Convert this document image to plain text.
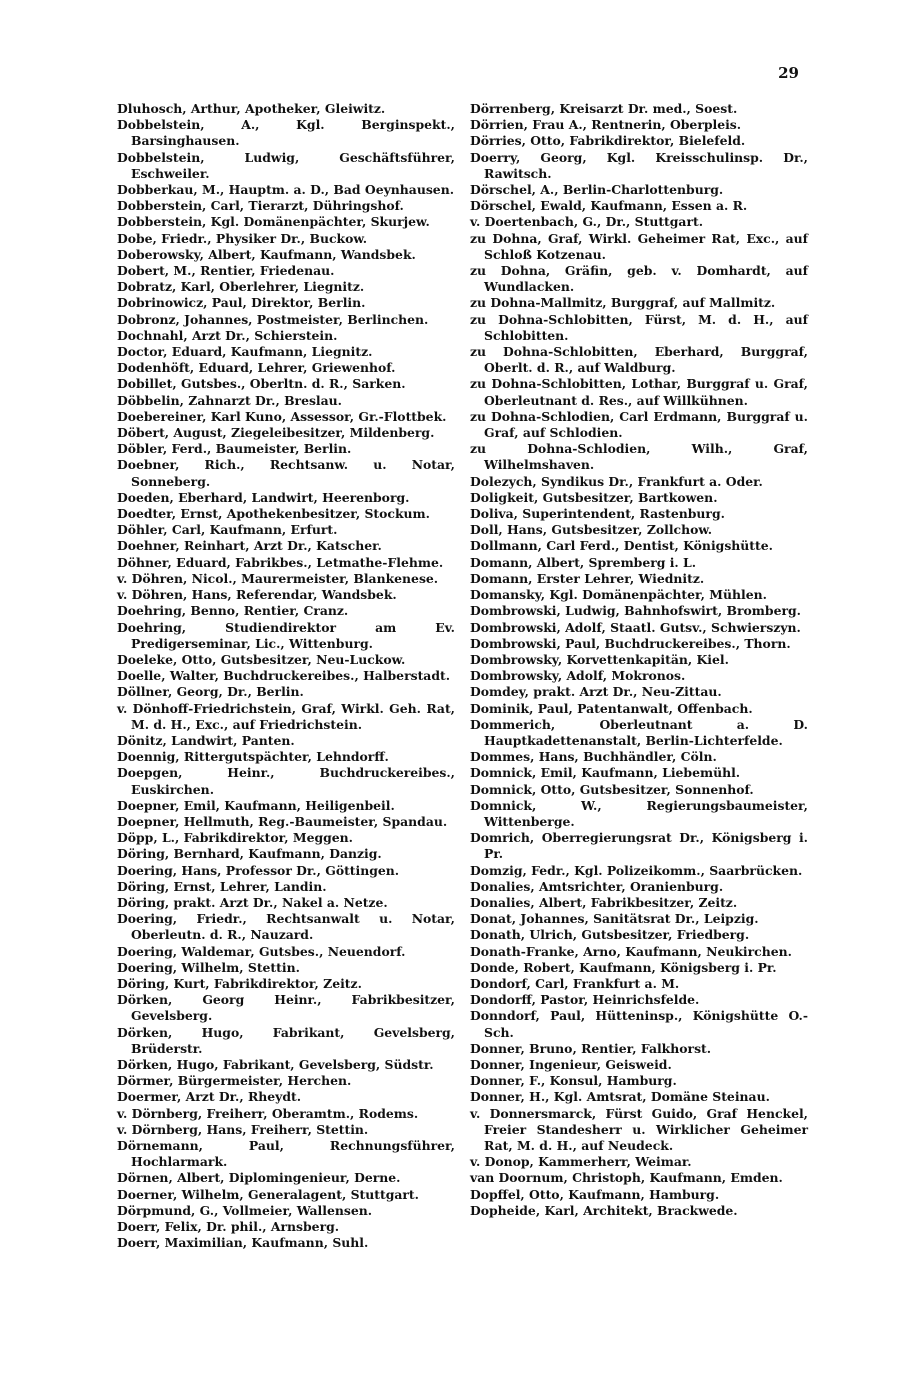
29
Dluhosch, Arthur, Apotheker, Gleiwitz.
Dobbelstein, A., Kgl. Berginspekt., Barsinghausen.
Dobbelstein, Ludwig, Geschäftsführer, Eschweiler.
Dobberkau, M., Hauptm. a. D., Bad Oeynhausen.
Dobberstein, Carl, Tierarzt, Dühringshof.
Dobberstein, Kgl. Domänenpächter, Skurjew.
Dobe, Friedr., Physiker Dr., Buckow.
Doberowsky, Albert, Kaufmann, Wandsbek.
Dobert, M., Rentier, Friedenau.
Dobratz, Karl, Oberlehrer, Liegnitz.
Dobrinowicz, Paul, Direktor, Berlin.
Dobronz, Johannes, Postmeister, Berlinchen.
Dochnahl, Arzt Dr., Schierstein.
Doctor, Eduard, Kaufmann, Liegnitz.
Dodenhöft, Eduard, Lehrer, Griewenhof.
Dobillet, Gutsbes., Oberltn. d. R., Sarken.
Döbbelin, Zahnarzt Dr., Breslau.
Doebereiner, Karl Kuno, Assessor, Gr.-Flottbek.
Döbert, August, Ziegeleibesitzer, Mildenberg.
Döbler, Ferd., Baumeister, Berlin.
Doebner, Rich., Rechtsanw. u. Notar, Sonneberg.
Doeden, Eberhard, Landwirt, Heerenborg.
Doedter, Ernst, Apothekenbesitzer, Stockum.
Döhler, Carl, Kaufmann, Erfurt.
Doehner, Reinhart, Arzt Dr., Katscher.
Döhner, Eduard, Fabrikbes., Letmathe-Flehme.
v. Döhren, Nicol., Maurermeister, Blankenese.
v. Döhren, Hans, Referendar, Wandsbek.
Doehring, Benno, Rentier, Cranz.
Doehring, Studiendirektor am Ev. Predigerseminar, Lic., Wittenburg.
Doeleke, Otto, Gutsbesitzer, Neu-Luckow.
Doelle, Walter, Buchdruckereibes., Halberstadt.
Döllner, Georg, Dr., Berlin.
v. Dönhoff-Friedrichstein, Graf, Wirkl. Geh. Rat, M. d. H., Exc., auf Friedrichstein.
Dönitz, Landwirt, Panten.
Doennig, Rittergutspächter, Lehndorff.
Doepgen, Heinr., Buchdruckereibes., Euskirchen.
Doepner, Emil, Kaufmann, Heiligenbeil.
Doepner, Hellmuth, Reg.-Baumeister, Spandau.
Döpp, L., Fabrikdirektor, Meggen.
Döring, Bernhard, Kaufmann, Danzig.
Doering, Hans, Professor Dr., Göttingen.
Döring, Ernst, Lehrer, Landin.
Döring, prakt. Arzt Dr., Nakel a. Netze.
Doering, Friedr., Rechtsanwalt u. Notar, Oberleutn. d. R., Nauzard.
Doering, Waldemar, Gutsbes., Neuendorf.
Doering, Wilhelm, Stettin.
Döring, Kurt, Fabrikdirektor, Zeitz.
Dörken, Georg Heinr., Fabrikbesitzer, Gevelsberg.
Dörken, Hugo, Fabrikant, Gevelsberg, Brüderstr.
Dörken, Hugo, Fabrikant, Gevelsberg, Südstr.
Dörmer, Bürgermeister, Herchen.
Doermer, Arzt Dr., Rheydt.
v. Dörnberg, Freiherr, Oberamtm., Rodems.
v. Dörnberg, Hans, Freiherr, Stettin.
Dörnemann, Paul, Rechnungsführer, Hochlarmark.
Dörnen, Albert, Diplomingenieur, Derne.
Doerner, Wilhelm, Generalagent, Stuttgart.
Dörpmund, G., Vollmeier, Wallensen.
Doerr, Felix, Dr. phil., Arnsberg.
Doerr, Maximilian, Kaufmann, Suhl.
Dörrenberg, Kreisarzt Dr. med., Soest.
Dörrien, Frau A., Rentnerin, Oberpleis.
Dörries, Otto, Fabrikdirektor, Bielefeld.
Doerry, Georg, Kgl. Kreisschulinsp. Dr., Rawitsch.
Dörschel, A., Berlin-Charlottenburg.
Dörschel, Ewald, Kaufmann, Essen a. R.
v. Doertenbach, G., Dr., Stuttgart.
zu Dohna, Graf, Wirkl. Geheimer Rat, Exc., auf Schloß Kotzenau.
zu Dohna, Gräfin, geb. v. Domhardt, auf Wundlacken.
zu Dohna-Mallmitz, Burggraf, auf Mallmitz.
zu Dohna-Schlobitten, Fürst, M. d. H., auf Schlobitten.
zu Dohna-Schlobitten, Eberhard, Burggraf, Oberlt. d. R., auf Waldburg.
zu Dohna-Schlobitten, Lothar, Burggraf u. Graf, Oberleutnant d. Res., auf Willkühnen.
zu Dohna-Schlodien, Carl Erdmann, Burggraf u. Graf, auf Schlodien.
zu Dohna-Schlodien, Wilh., Graf, Wilhelmshaven.
Dolezych, Syndikus Dr., Frankfurt a. Oder.
Doligkeit, Gutsbesitzer, Bartkowen.
Doliva, Superintendent, Rastenburg.
Doll, Hans, Gutsbesitzer, Zollchow.
Dollmann, Carl Ferd., Dentist, Königshütte.
Domann, Albert, Spremberg i. L.
Domann, Erster Lehrer, Wiednitz.
Domansky, Kgl. Domänenpächter, Mühlen.
Dombrowski, Ludwig, Bahnhofswirt, Bromberg.
Dombrowski, Adolf, Staatl. Gutsv., Schwierszyn.
Dombrowski, Paul, Buchdruckereibes., Thorn.
Dombrowsky, Korvettenkapitän, Kiel.
Dombrowsky, Adolf, Mokronos.
Domdey, prakt. Arzt Dr., Neu-Zittau.
Dominik, Paul, Patentanwalt, Offenbach.
Dommerich, Oberleutnant a. D. Hauptkadettenanstalt, Berlin-Lichterfelde.
Dommes, Hans, Buchhändler, Cöln.
Domnick, Emil, Kaufmann, Liebemühl.
Domnick, Otto, Gutsbesitzer, Sonnenhof.
Domnick, W., Regierungsbaumeister, Wittenberge.
Domrich, Oberregierungsrat Dr., Königsberg i. Pr.
Domzig, Fedr., Kgl. Polizeikomm., Saarbrücken.
Donalies, Amtsrichter, Oranienburg.
Donalies, Albert, Fabrikbesitzer, Zeitz.
Donat, Johannes, Sanitätsrat Dr., Leipzig.
Donath, Ulrich, Gutsbesitzer, Friedberg.
Donath-Franke, Arno, Kaufmann, Neukirchen.
Donde, Robert, Kaufmann, Königsberg i. Pr.
Dondorf, Carl, Frankfurt a. M.
Dondorff, Pastor, Heinrichsfelde.
Donndorf, Paul, Hütteninsp., Königshütte O.-Sch.
Donner, Bruno, Rentier, Falkhorst.
Donner, Ingenieur, Geisweid.
Donner, F., Konsul, Hamburg.
Donner, H., Kgl. Amtsrat, Domäne Steinau.
v. Donnersmarck, Fürst Guido, Graf Henckel, Freier Standesherr u. Wirklicher Geheimer Rat, M. d. H., auf Neudeck.
v. Donop, Kammerherr, Weimar.
van Doornum, Christoph, Kaufmann, Emden.
Dopffel, Otto, Kaufmann, Hamburg.
Dopheide, Karl, Architekt, Brackwede.
